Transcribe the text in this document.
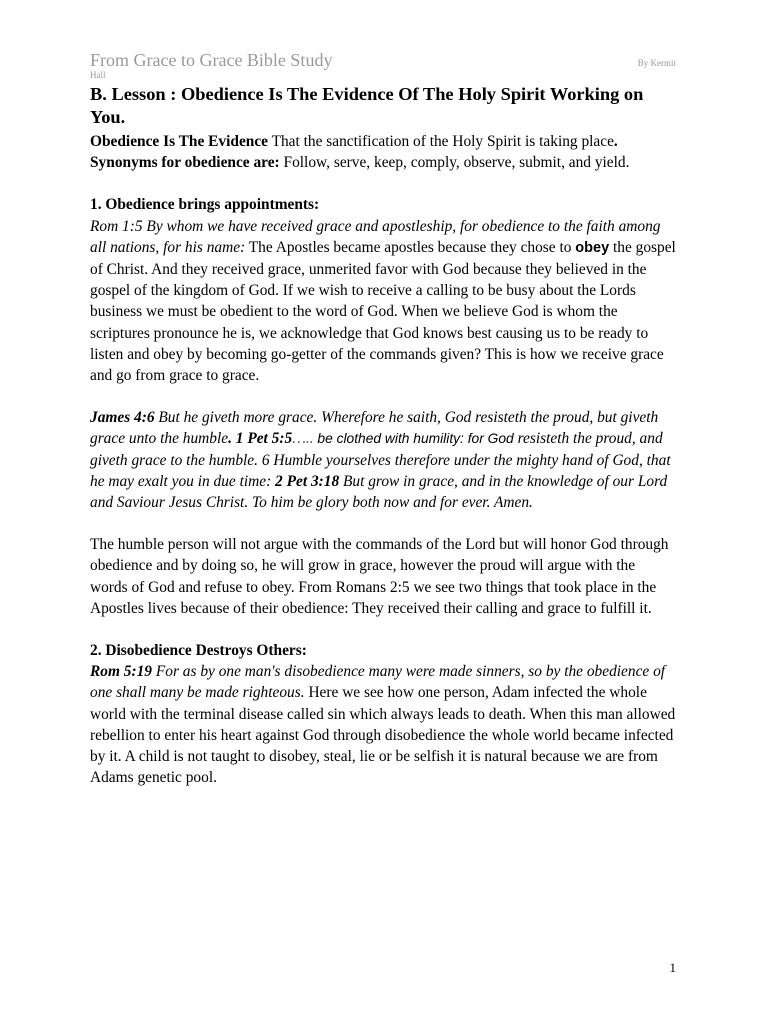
From Grace to Grace Bible Study	By Kermit
Hall
B. Lesson : Obedience Is The Evidence Of The Holy Spirit Working on You.

Obedience Is The Evidence That the sanctification of the Holy Spirit is taking place.

Synonyms for obedience are: Follow, serve, keep, comply, observe, submit, and yield.

1. Obedience brings appointments:

Rom 1:5 By whom we have received grace and apostleship, for obedience to the faith among all nations, for his name: The Apostles became apostles because they chose to obey the gospel of Christ. And they received grace, unmerited favor with God because they believed in the gospel of the kingdom of God. If we wish to receive a calling to be busy about the Lords business we must be obedient to the word of God. When we believe God is whom the scriptures pronounce he is, we acknowledge that God knows best causing us to be ready to listen and obey by becoming go-getter of the commands given? This is how we receive grace and go from grace to grace.

James 4:6 But he giveth more grace. Wherefore he saith, God resisteth the proud, but giveth grace unto the humble. 1 Pet 5:5….. be clothed with humility: for God resisteth the proud, and giveth grace to the humble. 6 Humble yourselves therefore under the mighty hand of God, that he may exalt you in due time: 2 Pet 3:18 But grow in grace, and in the knowledge of our Lord and Saviour Jesus Christ. To him be glory both now and for ever. Amen.

The humble person will not argue with the commands of the Lord but will honor God through obedience and by doing so, he will grow in grace, however the proud will argue with the words of God and refuse to obey. From Romans 2:5 we see two things that took place in the Apostles lives because of their obedience: They received their calling and grace to fulfill it.

2. Disobedience Destroys Others:

Rom 5:19 For as by one man's disobedience many were made sinners, so by the obedience of one shall many be made righteous. Here we see how one person, Adam infected the whole world with the terminal disease called sin which always leads to death. When this man allowed rebellion to enter his heart against God through disobedience the whole world became infected by it. A child is not taught to disobey, steal, lie or be selfish it is natural because we are from Adams genetic pool.

1
